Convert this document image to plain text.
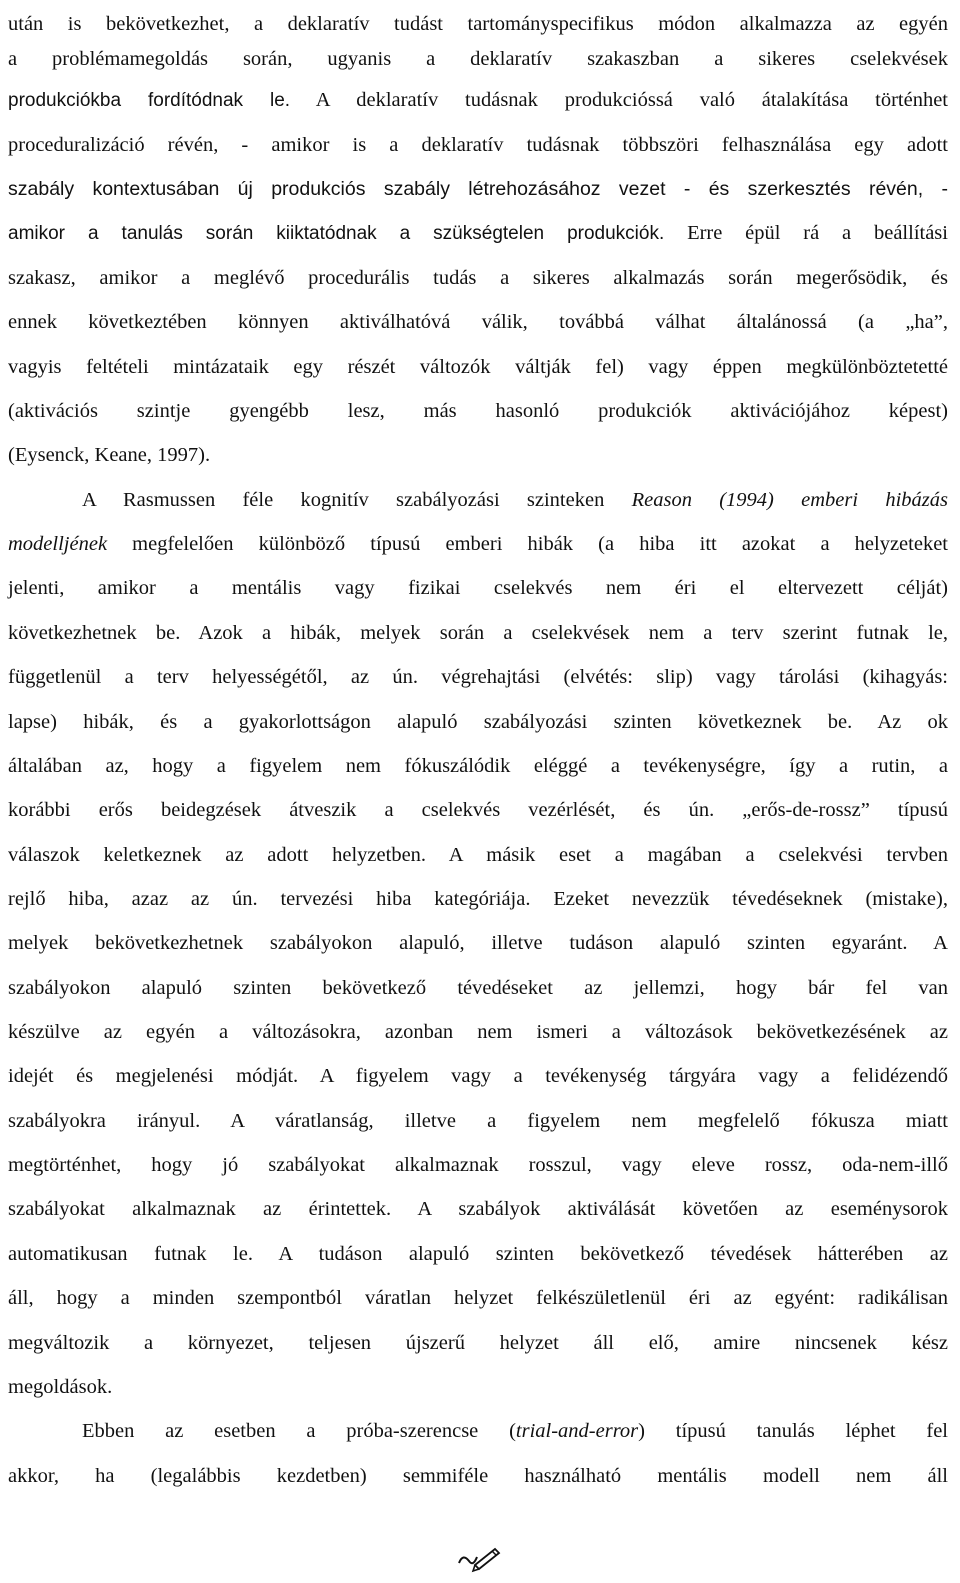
után is bekövetkezhet, a deklaratív tudást tartományspecifikus módon alkalmazza az egyén
a problémamegoldás során, ugyanis a deklaratív szakaszban a sikeres cselekvések
produkciókba fordítódnak le. A deklaratív tudásnak produkcióssá való átalakítása történhet
proceduralizáció révén, - amikor is a deklaratív tudásnak többszöri felhasználása egy adott
szabály kontextusában új produkciós szabály létrehozásához vezet - és szerkesztés révén, -
amikor a tanulás során kiiktatódnak a szükségtelen produkciók. Erre épül rá a beállítási
szakasz, amikor a meglévő procedurális tudás a sikeres alkalmazás során megerősödik, és
ennek következtében könnyen aktiválhatóvá válik, továbbá válhat általánossá (a „ha”,
vagyis feltételi mintázataik egy részét változók váltják fel) vagy éppen megkülönböztetetté
(aktivációs szintje gyengébb lesz, más hasonló produkciók aktivációjához képest)
(Eysenck, Keane, 1997).
A Rasmussen féle kognitív szabályozási szinteken Reason (1994) emberi hibázás
modelljének megfelelően különböző típusú emberi hibák (a hiba itt azokat a helyzeteket
jelenti, amikor a mentális vagy fizikai cselekvés nem éri el eltervezett célját)
következhetnek be. Azok a hibák, melyek során a cselekvések nem a terv szerint futnak le,
függetlenül a terv helyességétől, az ún. végrehajtási (elvétés: slip) vagy tárolási (kihagyás:
lapse) hibák, és a gyakorlottságon alapuló szabályozási szinten következnek be. Az ok
általában az, hogy a figyelem nem fókuszálódik eléggé a tevékenységre, így a rutin, a
korábbi erős beidegzések átveszik a cselekvés vezérlését, és ún. „erős-de-rossz” típusú
válaszok keletkeznek az adott helyzetben. A másik eset a magában a cselekvési tervben
rejlő hiba, azaz az ún. tervezési hiba kategóriája. Ezeket nevezzük tévedéseknek (mistake),
melyek bekövetkezhetnek szabályokon alapuló, illetve tudáson alapuló szinten egyaránt. A
szabályokon alapuló szinten bekövetkező tévedéseket az jellemzi, hogy bár fel van
készülve az egyén a változásokra, azonban nem ismeri a változások bekövetkezésének az
idejét és megjelenési módját. A figyelem vagy a tevékenység tárgyára vagy a felidézendő
szabályokra irányul. A váratlanság, illetve a figyelem nem megfelelő fókusza miatt
megtörténhet, hogy jó szabályokat alkalmaznak rosszul, vagy eleve rossz, oda-nem-illő
szabályokat alkalmaznak az érintettek. A szabályok aktiválását követően az eseménysorok
automatikusan futnak le. A tudáson alapuló szinten bekövetkező tévedések hátterében az
áll, hogy a minden szempontból váratlan helyzet felkészületlenül éri az egyént: radikálisan
megváltozik a környezet, teljesen újszerű helyzet áll elő, amire nincsenek kész
megoldások.
Ebben az esetben a próba-szerencse (trial-and-error) típusú tanulás léphet fel
akkor, ha (legalábbis kezdetben) semmiféle használható mentális modell nem áll
